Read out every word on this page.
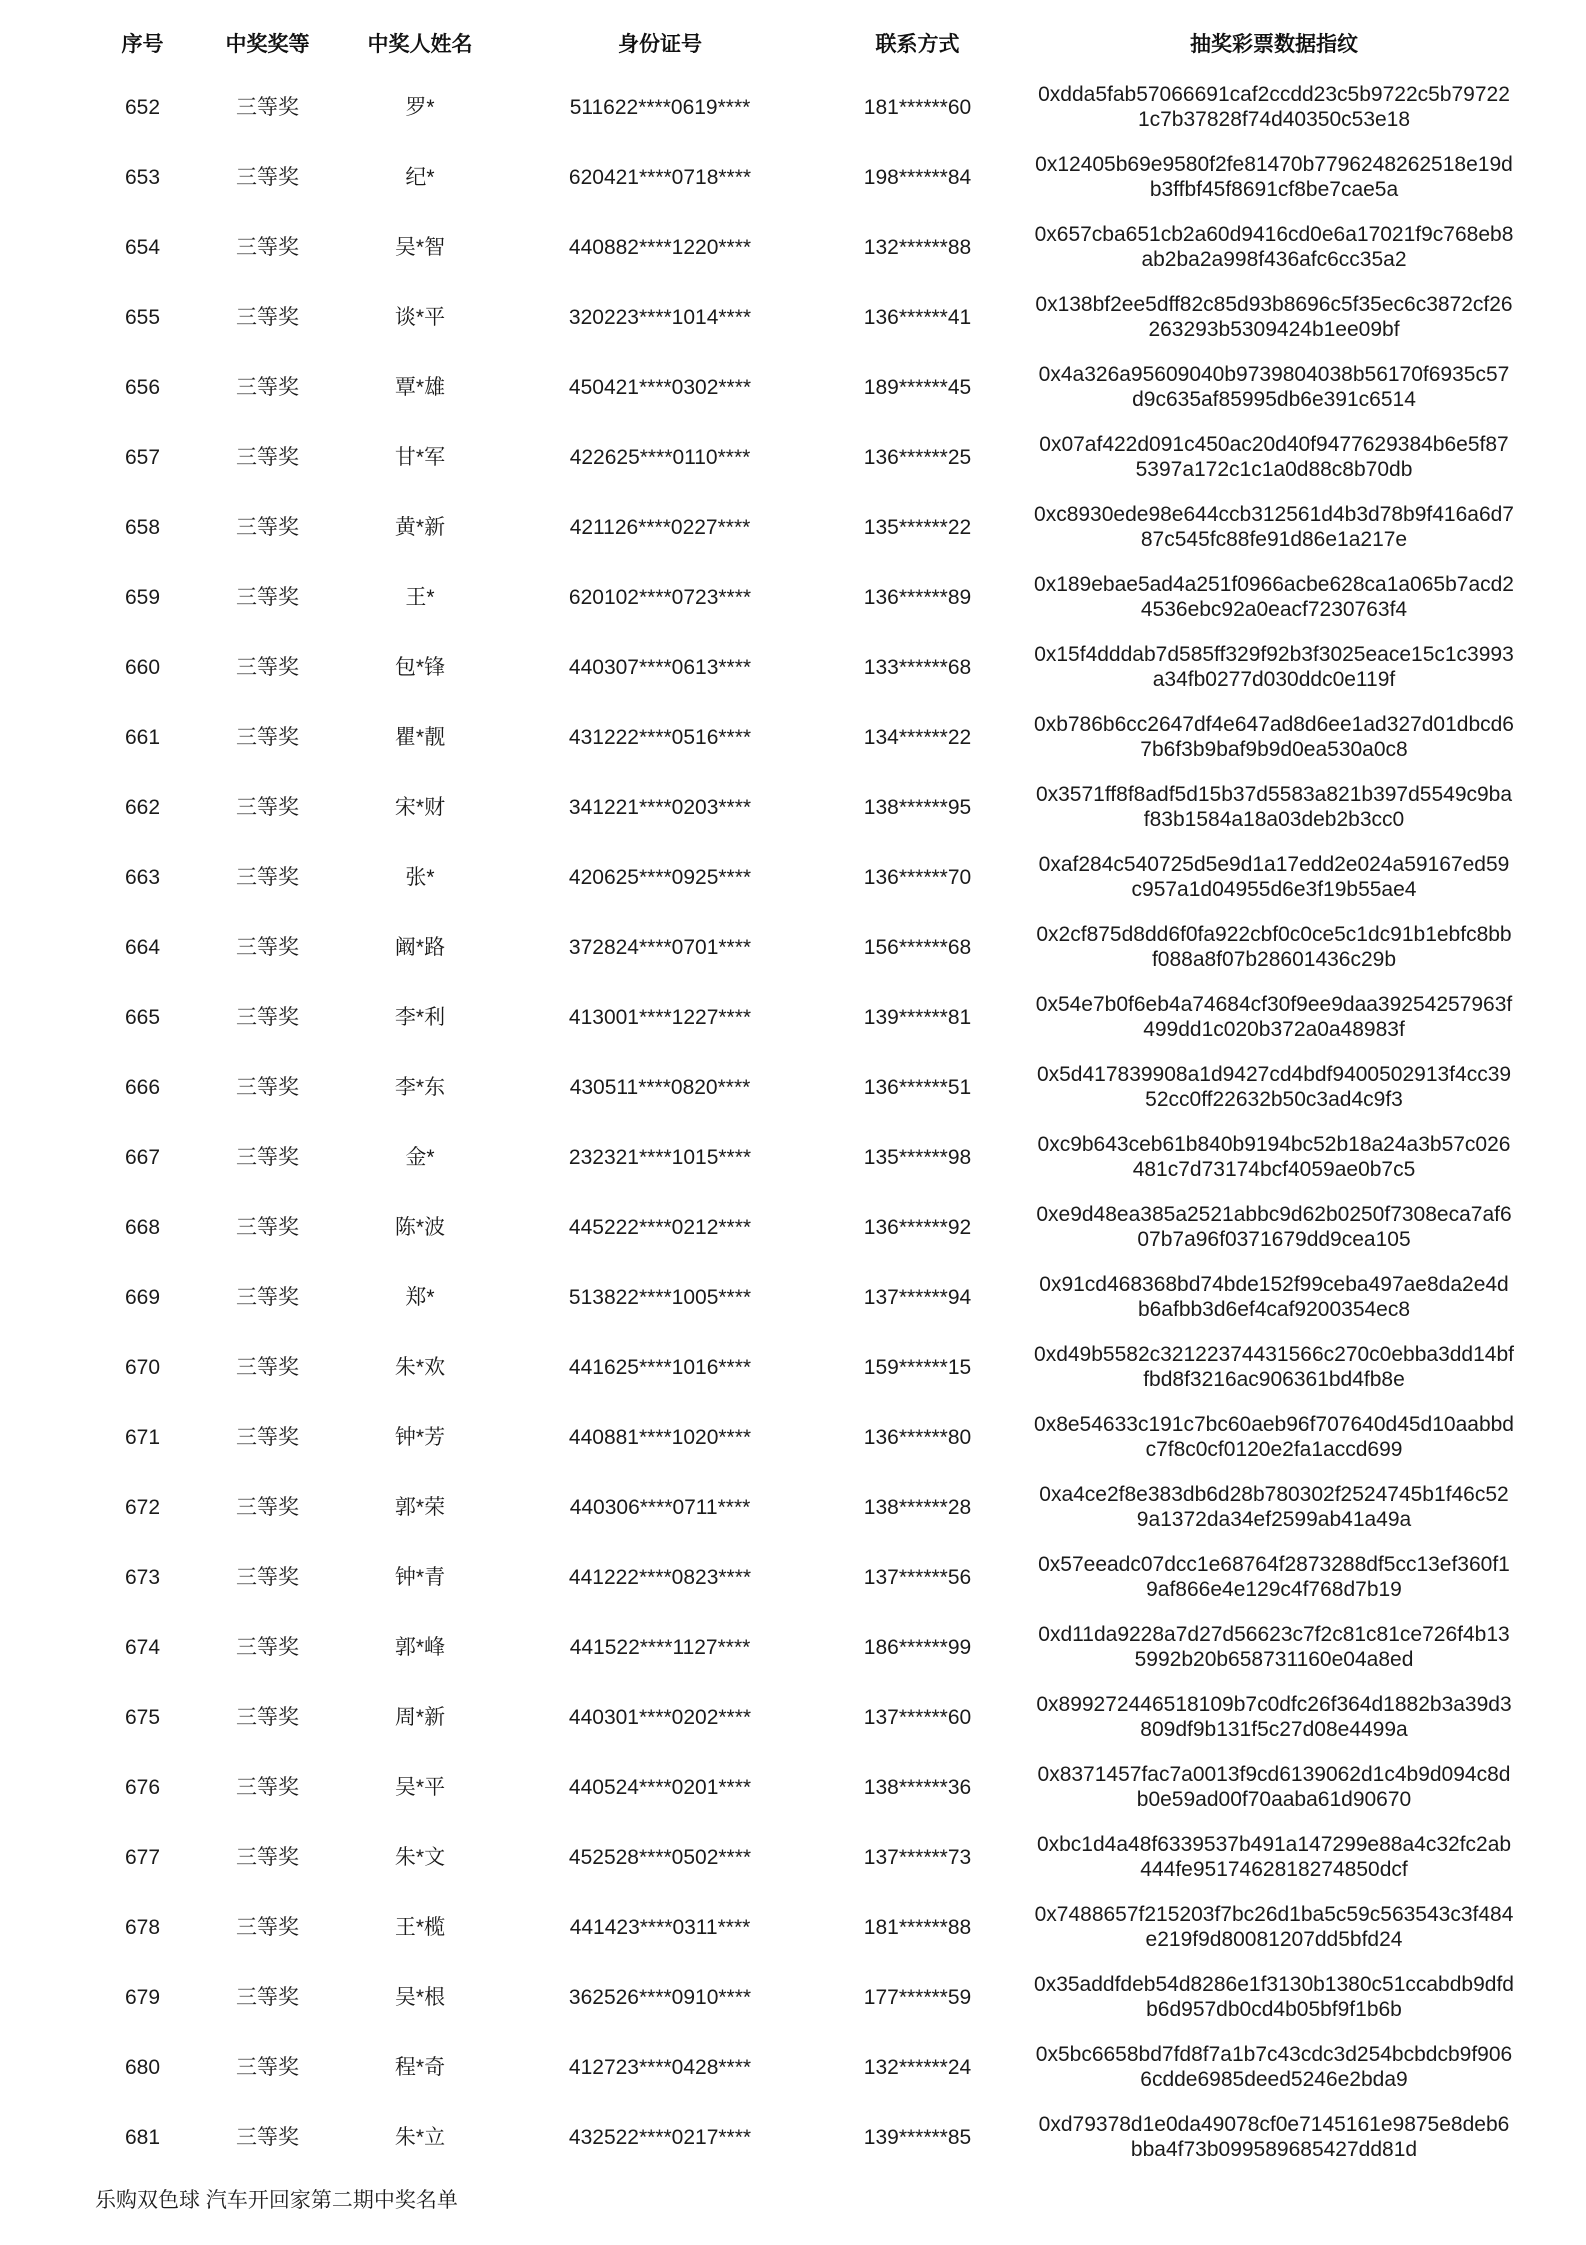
序号	中奖奖等	中奖人姓名	身份证号	联系方式	抽奖彩票数据指纹
652	三等奖	罗*	511622****0619****	181******60	0xdda5fab57066691caf2ccdd23c5b9722c5b797221c7b37828f74d40350c53e18
653	三等奖	纪*	620421****0718****	198******84	0x12405b69e9580f2fe81470b7796248262518e19db3ffbf45f8691cf8be7cae5a
654	三等奖	吴*智	440882****1220****	132******88	0x657cba651cb2a60d9416cd0e6a17021f9c768eb8ab2ba2a998f436afc6cc35a2
655	三等奖	谈*平	320223****1014****	136******41	0x138bf2ee5dff82c85d93b8696c5f35ec6c3872cf26263293b5309424b1ee09bf
656	三等奖	覃*雄	450421****0302****	189******45	0x4a326a95609040b9739804038b56170f6935c57d9c635af85995db6e391c6514
657	三等奖	甘*军	422625****0110****	136******25	0x07af422d091c450ac20d40f9477629384b6e5f875397a172c1c1a0d88c8b70db
658	三等奖	黄*新	421126****0227****	135******22	0xc8930ede98e644ccb312561d4b3d78b9f416a6d787c545fc88fe91d86e1a217e
659	三等奖	王*	620102****0723****	136******89	0x189ebae5ad4a251f0966acbe628ca1a065b7acd24536ebc92a0eacf7230763f4
660	三等奖	包*锋	440307****0613****	133******68	0x15f4dddab7d585ff329f92b3f3025eace15c1c3993a34fb0277d030ddc0e119f
661	三等奖	瞿*靓	431222****0516****	134******22	0xb786b6cc2647df4e647ad8d6ee1ad327d01dbcd67b6f3b9baf9b9d0ea530a0c8
662	三等奖	宋*财	341221****0203****	138******95	0x3571ff8f8adf5d15b37d5583a821b397d5549c9baf83b1584a18a03deb2b3cc0
663	三等奖	张*	420625****0925****	136******70	0xaf284c540725d5e9d1a17edd2e024a59167ed59c957a1d04955d6e3f19b55ae4
664	三等奖	阚*路	372824****0701****	156******68	0x2cf875d8dd6f0fa922cbf0c0ce5c1dc91b1ebfc8bbf088a8f07b28601436c29b
665	三等奖	李*利	413001****1227****	139******81	0x54e7b0f6eb4a74684cf30f9ee9daa39254257963f499dd1c020b372a0a48983f
666	三等奖	李*东	430511****0820****	136******51	0x5d417839908a1d9427cd4bdf9400502913f4cc3952cc0ff22632b50c3ad4c9f3
667	三等奖	金*	232321****1015****	135******98	0xc9b643ceb61b840b9194bc52b18a24a3b57c026481c7d73174bcf4059ae0b7c5
668	三等奖	陈*波	445222****0212****	136******92	0xe9d48ea385a2521abbc9d62b0250f7308eca7af607b7a96f0371679dd9cea105
669	三等奖	郑*	513822****1005****	137******94	0x91cd468368bd74bde152f99ceba497ae8da2e4db6afbb3d6ef4caf9200354ec8
670	三等奖	朱*欢	441625****1016****	159******15	0xd49b5582c32122374431566c270c0ebba3dd14bffbd8f3216ac906361bd4fb8e
671	三等奖	钟*芳	440881****1020****	136******80	0x8e54633c191c7bc60aeb96f707640d45d10aabbdc7f8c0cf0120e2fa1accd699
672	三等奖	郭*荣	440306****0711****	138******28	0xa4ce2f8e383db6d28b780302f2524745b1f46c529a1372da34ef2599ab41a49a
673	三等奖	钟*青	441222****0823****	137******56	0x57eeadc07dcc1e68764f2873288df5cc13ef360f19af866e4e129c4f768d7b19
674	三等奖	郭*峰	441522****1127****	186******99	0xd11da9228a7d27d56623c7f2c81c81ce726f4b135992b20b658731160e04a8ed
675	三等奖	周*新	440301****0202****	137******60	0x899272446518109b7c0dfc26f364d1882b3a39d3809df9b131f5c27d08e4499a
676	三等奖	吴*平	440524****0201****	138******36	0x8371457fac7a0013f9cd6139062d1c4b9d094c8db0e59ad00f70aaba61d90670
677	三等奖	朱*文	452528****0502****	137******73	0xbc1d4a48f6339537b491a147299e88a4c32fc2ab444fe9517462818274850dcf
678	三等奖	王*榄	441423****0311****	181******88	0x7488657f215203f7bc26d1ba5c59c563543c3f484e219f9d80081207dd5bfd24
679	三等奖	吴*根	362526****0910****	177******59	0x35addfdeb54d8286e1f3130b1380c51ccabdb9dfdb6d957db0cd4b05bf9f1b6b
680	三等奖	程*奇	412723****0428****	132******24	0x5bc6658bd7fd8f7a1b7c43cdc3d254bcbdcb9f9066cdde6985deed5246e2bda9
681	三等奖	朱*立	432522****0217****	139******85	0xd79378d1e0da49078cf0e7145161e9875e8deb6bba4f73b099589685427dd81d
乐购双色球 汽车开回家第二期中奖名单
